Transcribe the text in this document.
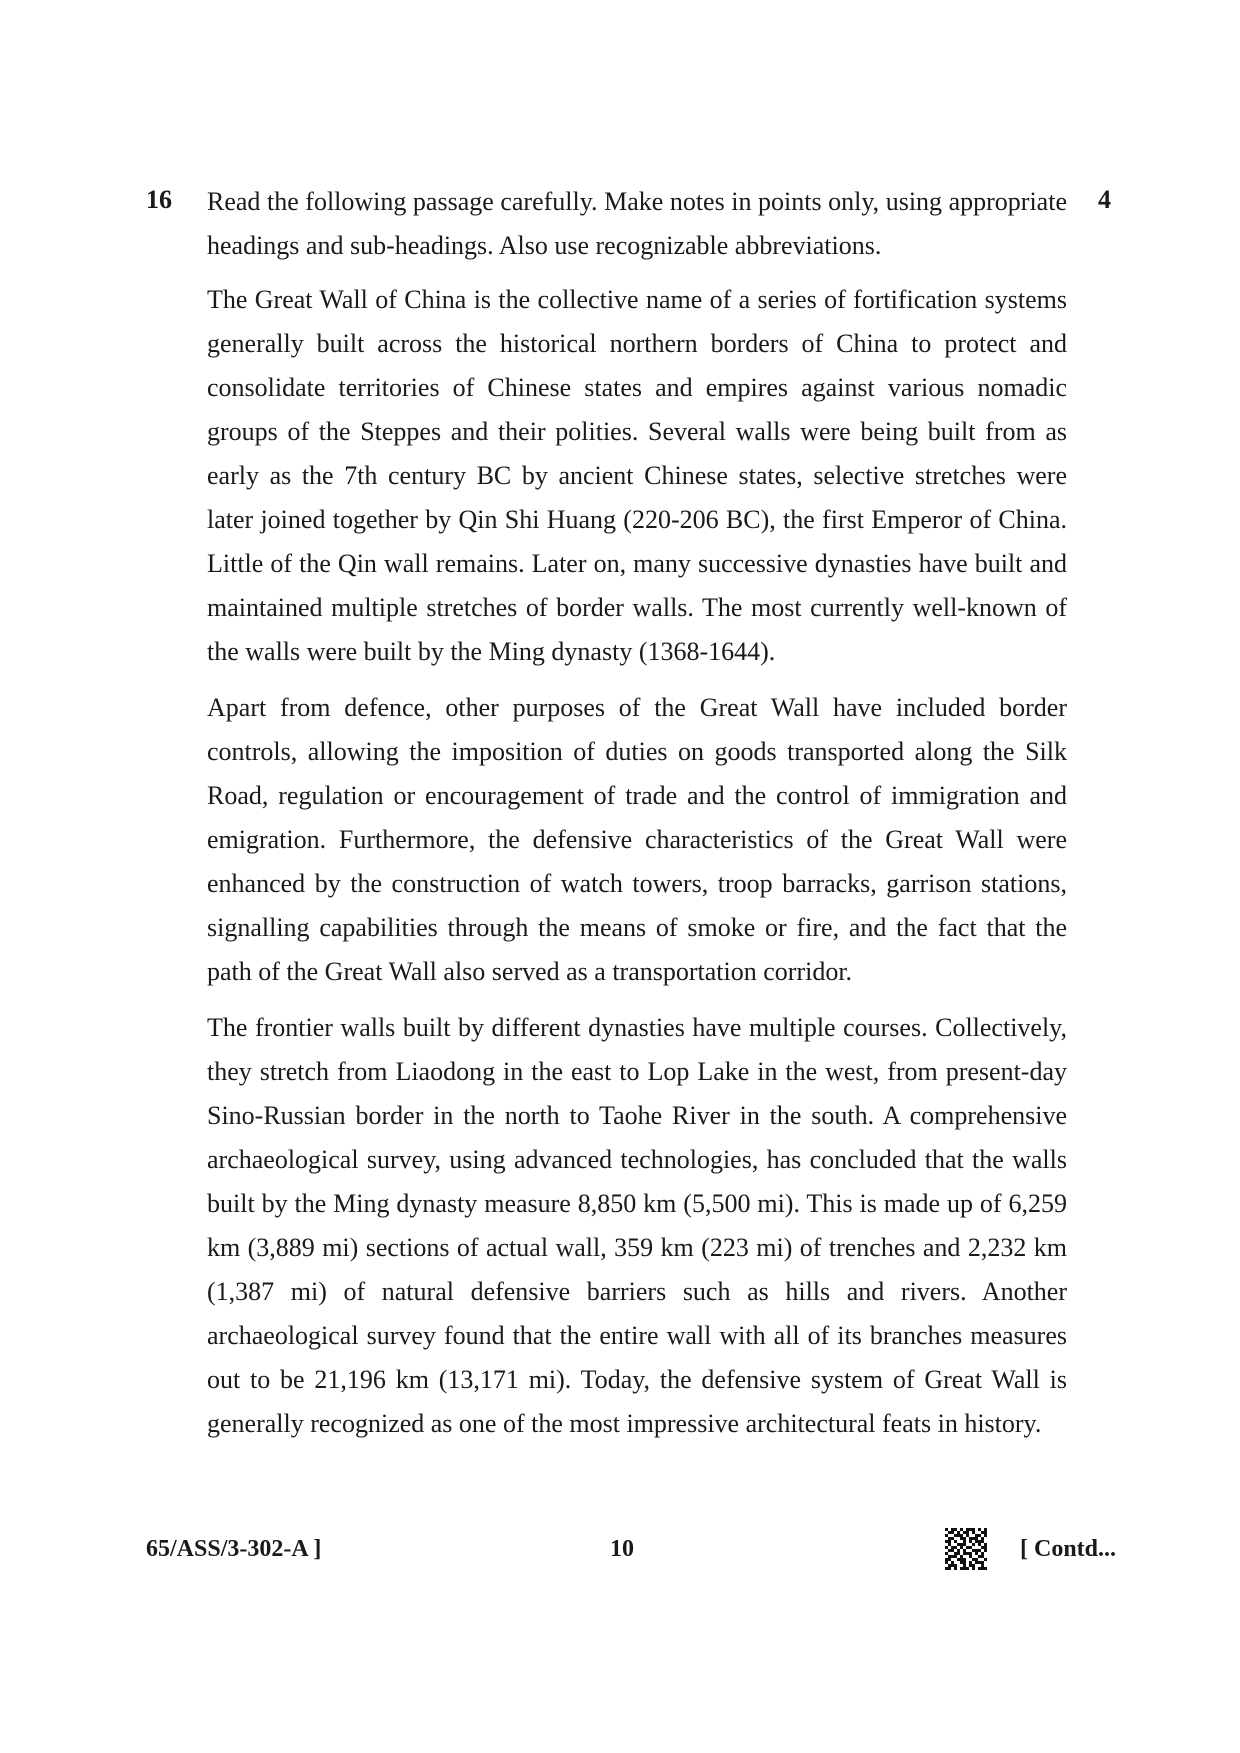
16	4
Read the following passage carefully. Make notes in points only, using appropriate headings and sub-headings. Also use recognizable abbreviations.

The Great Wall of China is the collective name of a series of fortification systems generally built across the historical northern borders of China to protect and consolidate territories of Chinese states and empires against various nomadic groups of the Steppes and their polities. Several walls were being built from as early as the 7th century BC by ancient Chinese states, selective stretches were later joined together by Qin Shi Huang (220-206 BC), the first Emperor of China. Little of the Qin wall remains. Later on, many successive dynasties have built and maintained multiple stretches of border walls. The most currently well-known of the walls were built by the Ming dynasty (1368-1644).

Apart from defence, other purposes of the Great Wall have included border controls, allowing the imposition of duties on goods transported along the Silk Road, regulation or encouragement of trade and the control of immigration and emigration. Furthermore, the defensive characteristics of the Great Wall were enhanced by the construction of watch towers, troop barracks, garrison stations, signalling capabilities through the means of smoke or fire, and the fact that the path of the Great Wall also served as a transportation corridor.

The frontier walls built by different dynasties have multiple courses. Collectively, they stretch from Liaodong in the east to Lop Lake in the west, from present-day Sino-Russian border in the north to Taohe River in the south. A comprehensive archaeological survey, using advanced technologies, has concluded that the walls built by the Ming dynasty measure 8,850 km (5,500 mi). This is made up of 6,259 km (3,889 mi) sections of actual wall, 359 km (223 mi) of trenches and 2,232 km (1,387 mi) of natural defensive barriers such as hills and rivers. Another archaeological survey found that the entire wall with all of its branches measures out to be 21,196 km (13,171 mi). Today, the defensive system of Great Wall is generally recognized as one of the most impressive architectural feats in history.

65/ASS/3-302-A ]	10	[ Contd...
